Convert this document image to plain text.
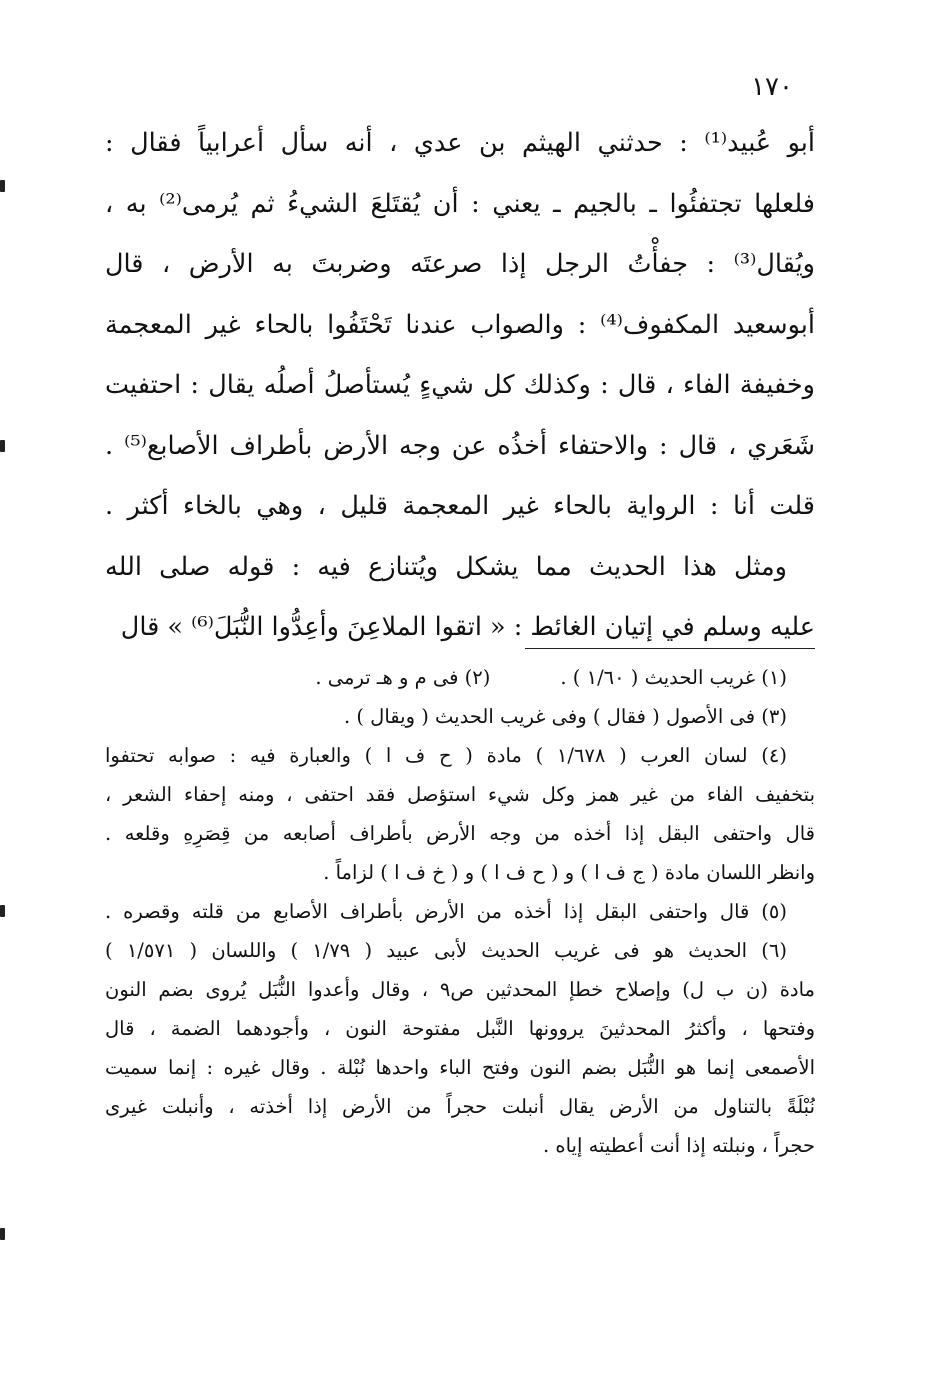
١٧٠
أبو عُبيد⁽¹⁾ : حدثني الهيثم بن عدي ، أنه سأل أعرابياً فقال :
فلعلها تجتفئُوا ـ بالجيم ـ يعني : أن يُقتَلعَ الشيءُ ثم يُرمى⁽²⁾ به ،
ويُقال⁽³⁾ : جفأْتُ الرجل إذا صرعتَه وضربتَ به الأرض ، قال
أبوسعيد المكفوف⁽⁴⁾ : والصواب عندنا تَحْتَفُوا بالحاء غير المعجمة
وخفيفة الفاء ، قال : وكذلك كل شيءٍ يُستأصلُ أصلُه يقال : احتفيت
شَعَري ، قال : والاحتفاء أخذُه عن وجه الأرض بأطراف الأصابع⁽⁵⁾ .
قلت أنا : الرواية بالحاء غير المعجمة قليل ، وهي بالخاء أكثر .
ومثل هذا الحديث مما يشكل ويُتنازع فيه : قوله صلى الله
عليه وسلم في إتيان الغائط : « اتقوا الملاعِنَ وأعِدُّوا النُّبَلَ⁽⁶⁾ » قال
(١) غريب الحديث ( ١/٦٠ ) .
(٢) فى م و هـ ترمى .
(٣) فى الأصول ( فقال ) وفى غريب الحديث ( ويقال ) .
(٤) لسان العرب ( ١/٦٧٨ ) مادة ( ح ف ا ) والعبارة فيه : صوابه تحتفوا
بتخفيف الفاء من غير همز وكل شيء استؤصل فقد احتفى ، ومنه إحفاء الشعر ،
قال واحتفى البقل إذا أخذه من وجه الأرض بأطراف أصابعه من قِصَرِهِ وقلعه .
وانظر اللسان مادة ( ج ف ا ) و ( ح ف ا ) و ( خ ف ا ) لزاماً .
(٥) قال واحتفى البقل إذا أخذه من الأرض بأطراف الأصابع من قلته وقصره .
(٦) الحديث هو فى غريب الحديث لأبى عبيد ( ١/٧٩ ) واللسان ( ١/٥٧١ )
مادة (ن ب ل) وإصلاح خطإ المحدثين ص٩ ، وقال وأعدوا النُّبَل يُروى بضم النون
وفتحها ، وأكثرُ المحدثينَ يروونها النَّبل مفتوحة النون ، وأجودهما الضمة ، قال
الأصمعى إنما هو النُّبَل بضم النون وفتح الباء واحدها نُبْلة . وقال غيره : إنما سميت
نُبْلَةً بالتناول من الأرض يقال أنبلت حجراً من الأرض إذا أخذته ، وأنبلت غيرى
حجراً ، ونبلته إذا أنت أعطيته إياه .
